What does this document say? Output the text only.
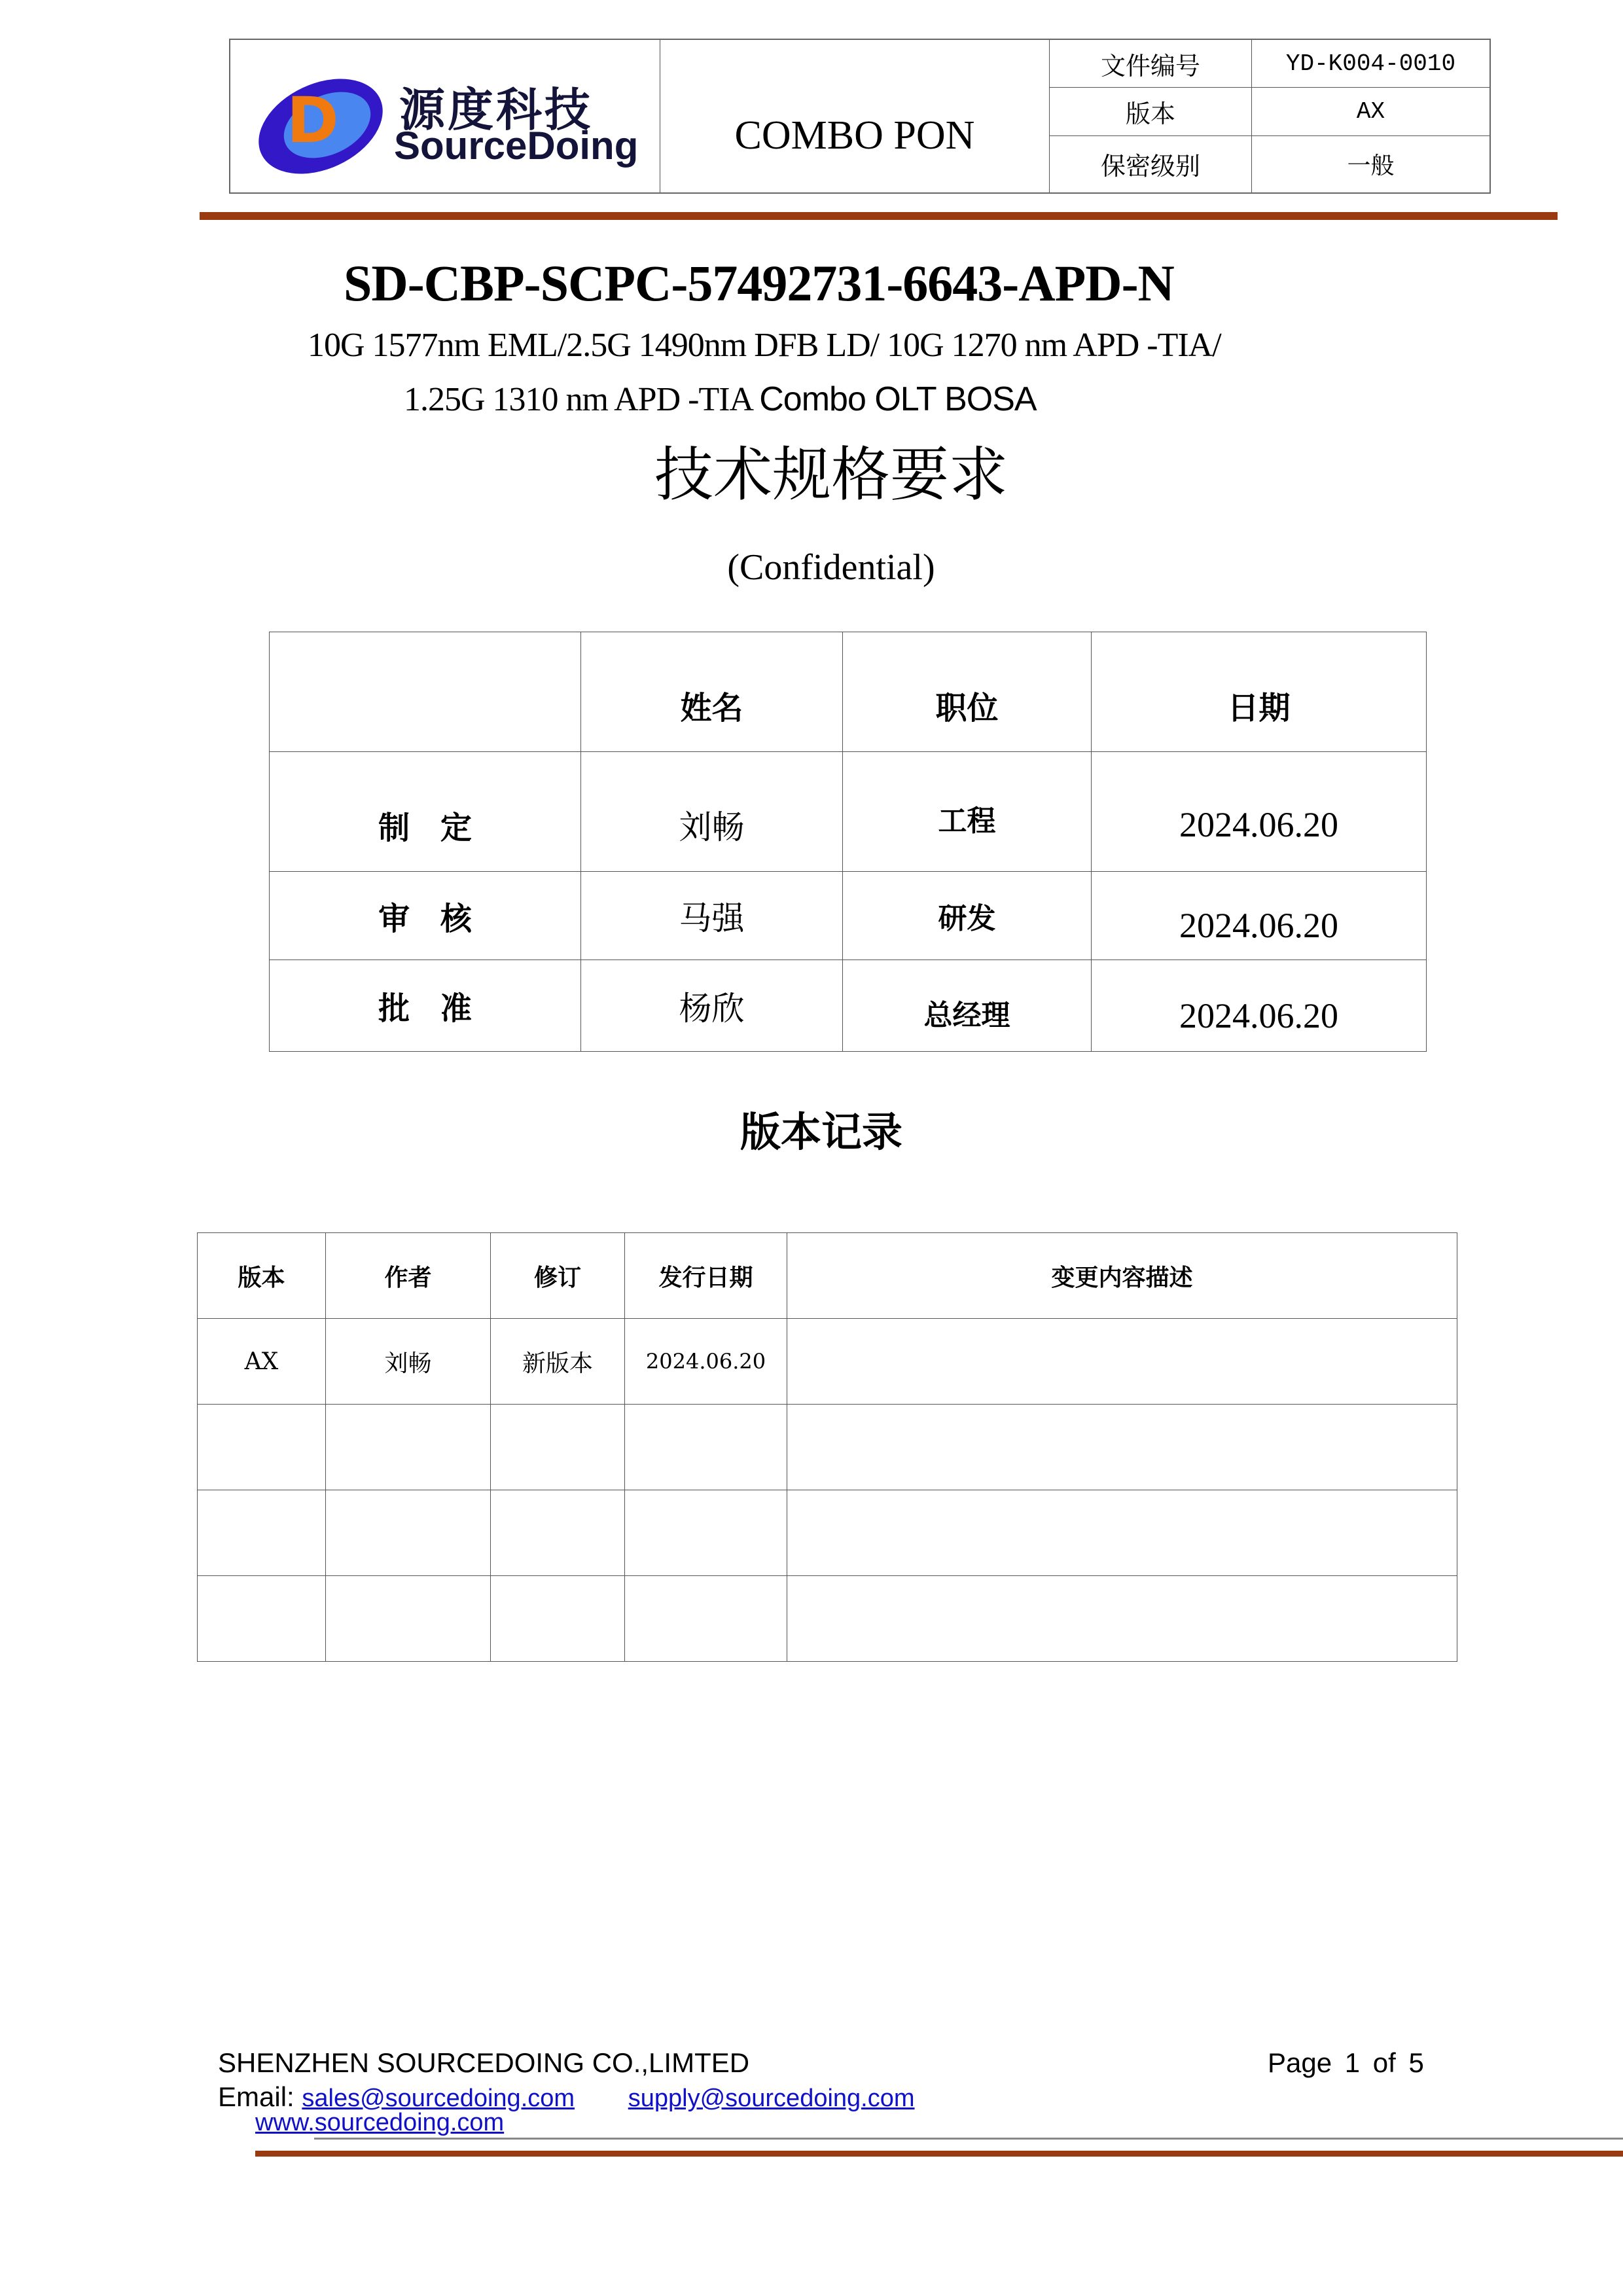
D 源度科技
SourceDoing	COMBO PON	文件编号	YD-K004-0010
		版本	AX
		保密级别	一般
SD-CBP-SCPC-57492731-6643-APD-N
10G 1577nm EML/2.5G 1490nm DFB LD/ 10G 1270 nm APD -TIA/
1.25G 1310 nm APD -TIA Combo OLT BOSA
技术规格要求
(Confidential)
	姓名	职位	日期
制 定	刘畅	工程	2024.06.20
审 核	马强	研发	2024.06.20
批 准	杨欣	总经理	2024.06.20
版本记录
版本	作者	修订	发行日期	变更内容描述
AX	刘畅	新版本	2024.06.20	

SHENZHEN SOURCEDOING CO.,LIMTED	Page 1 of 5
Email: sales@sourcedoing.com supply@sourcedoing.com
www.sourcedoing.com
